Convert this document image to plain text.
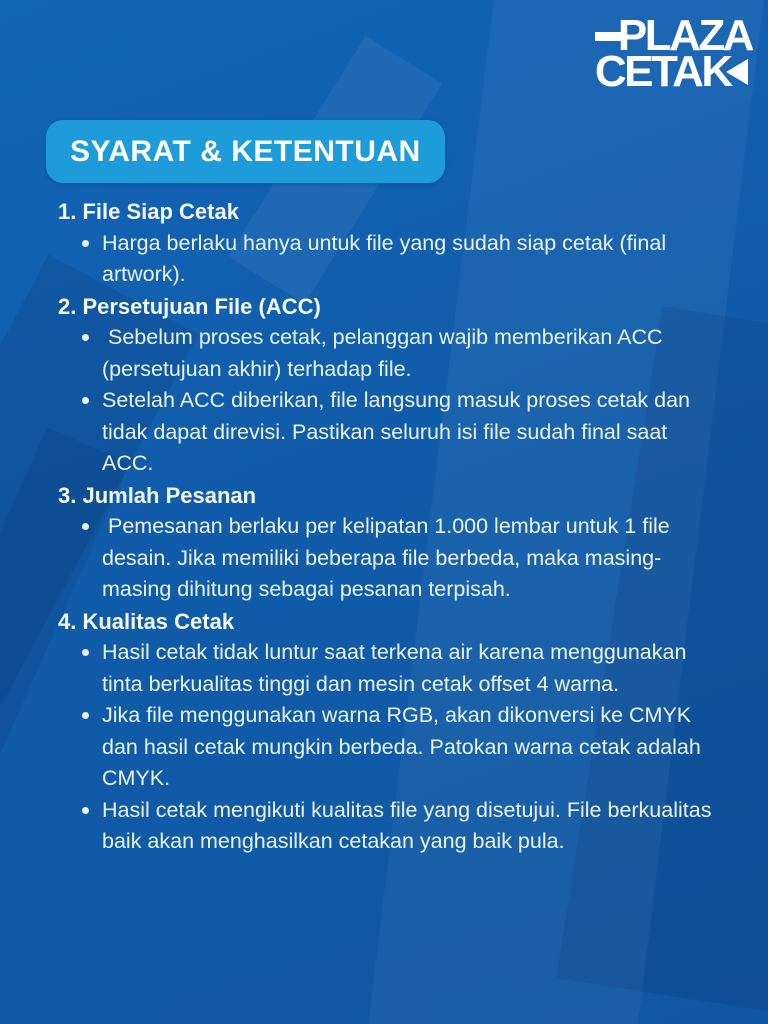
PLAZA
CETAK
SYARAT & KETENTUAN
1. File Siap Cetak
Harga berlaku hanya untuk file yang sudah siap cetak (final artwork).
2. Persetujuan File (ACC)
Sebelum proses cetak, pelanggan wajib memberikan ACC (persetujuan akhir) terhadap file.
Setelah ACC diberikan, file langsung masuk proses cetak dan tidak dapat direvisi. Pastikan seluruh isi file sudah final saat ACC.
3. Jumlah Pesanan
Pemesanan berlaku per kelipatan 1.000 lembar untuk 1 file desain. Jika memiliki beberapa file berbeda, maka masing-masing dihitung sebagai pesanan terpisah.
4. Kualitas Cetak
Hasil cetak tidak luntur saat terkena air karena menggunakan tinta berkualitas tinggi dan mesin cetak offset 4 warna.
Jika file menggunakan warna RGB, akan dikonversi ke CMYK dan hasil cetak mungkin berbeda. Patokan warna cetak adalah CMYK.
Hasil cetak mengikuti kualitas file yang disetujui. File berkualitas baik akan menghasilkan cetakan yang baik pula.
